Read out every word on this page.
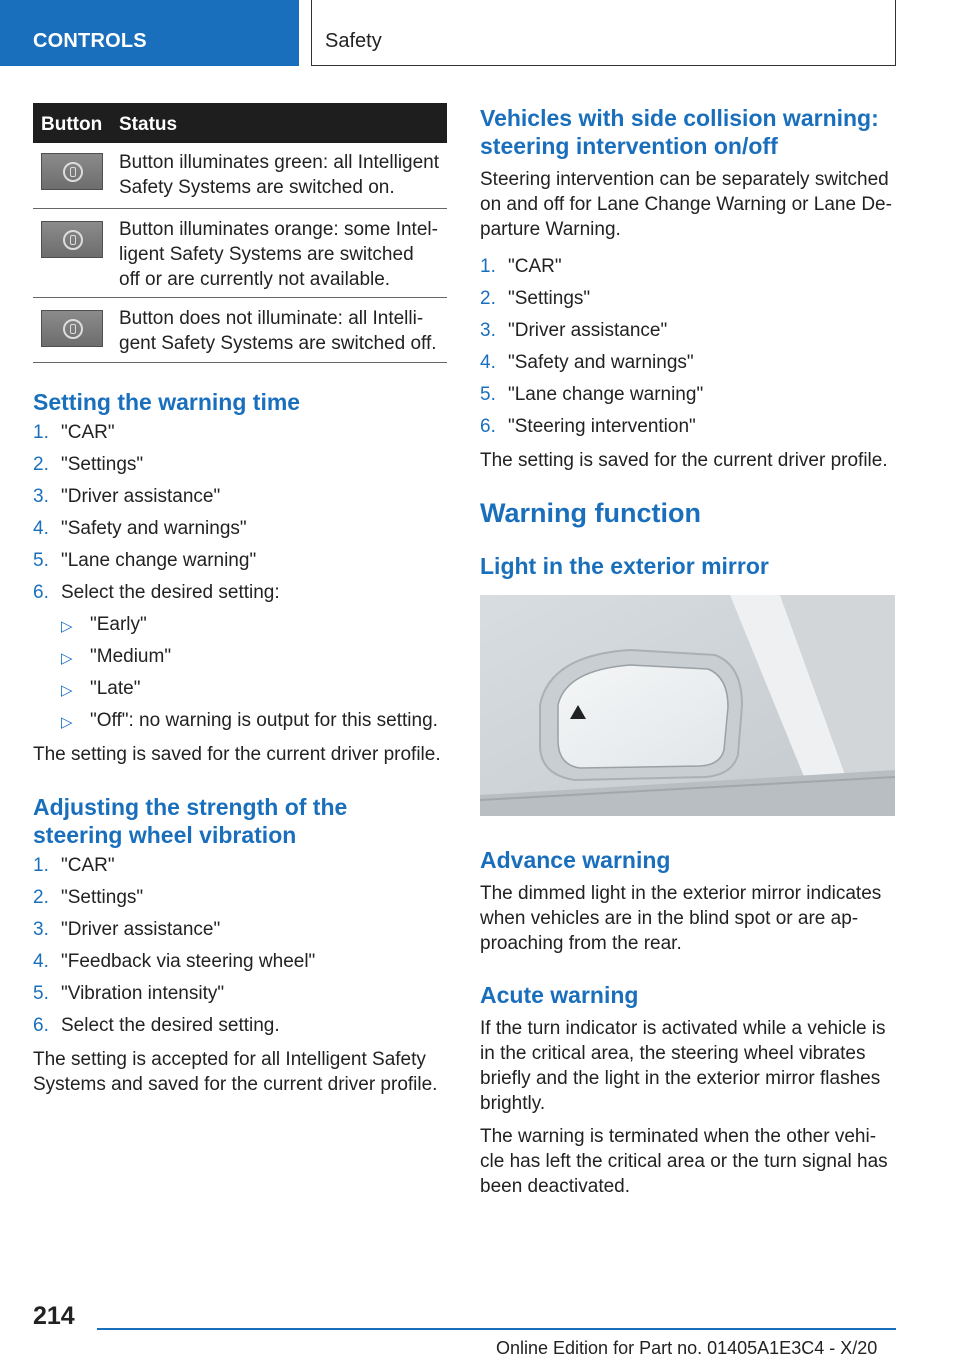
CONTROLS	Safety
Button Status

Button illuminates green: all Intelligent
Safety Systems are switched on.

Button illuminates orange: some Intel-
ligent Safety Systems are switched
off or are currently not available.

Button does not illuminate: all Intelli-
gent Safety Systems are switched off.

Setting the warning time
1. "CAR"
2. "Settings"
3. "Driver assistance"
4. "Safety and warnings"
5. "Lane change warning"
6. Select the desired setting:
▷ "Early"
▷ "Medium"
▷ "Late"
▷ "Off": no warning is output for this setting.
The setting is saved for the current driver profile.
Adjusting the strength of the
steering wheel vibration
1. "CAR"
2. "Settings"
3. "Driver assistance"
4. "Feedback via steering wheel"
5. "Vibration intensity"
6. Select the desired setting.
The setting is accepted for all Intelligent Safety
Systems and saved for the current driver profile.
Vehicles with side collision warning:
steering intervention on/off
Steering intervention can be separately switched
on and off for Lane Change Warning or Lane De-
parture Warning.
1. "CAR"
2. "Settings"
3. "Driver assistance"
4. "Safety and warnings"
5. "Lane change warning"
6. "Steering intervention"
The setting is saved for the current driver profile.
Warning function
Light in the exterior mirror
Advance warning
The dimmed light in the exterior mirror indicates
when vehicles are in the blind spot or are ap-
proaching from the rear.
Acute warning
If the turn indicator is activated while a vehicle is
in the critical area, the steering wheel vibrates
briefly and the light in the exterior mirror flashes
brightly.
The warning is terminated when the other vehi-
cle has left the critical area or the turn signal has
been deactivated.
214
Online Edition for Part no. 01405A1E3C4 - X/20
